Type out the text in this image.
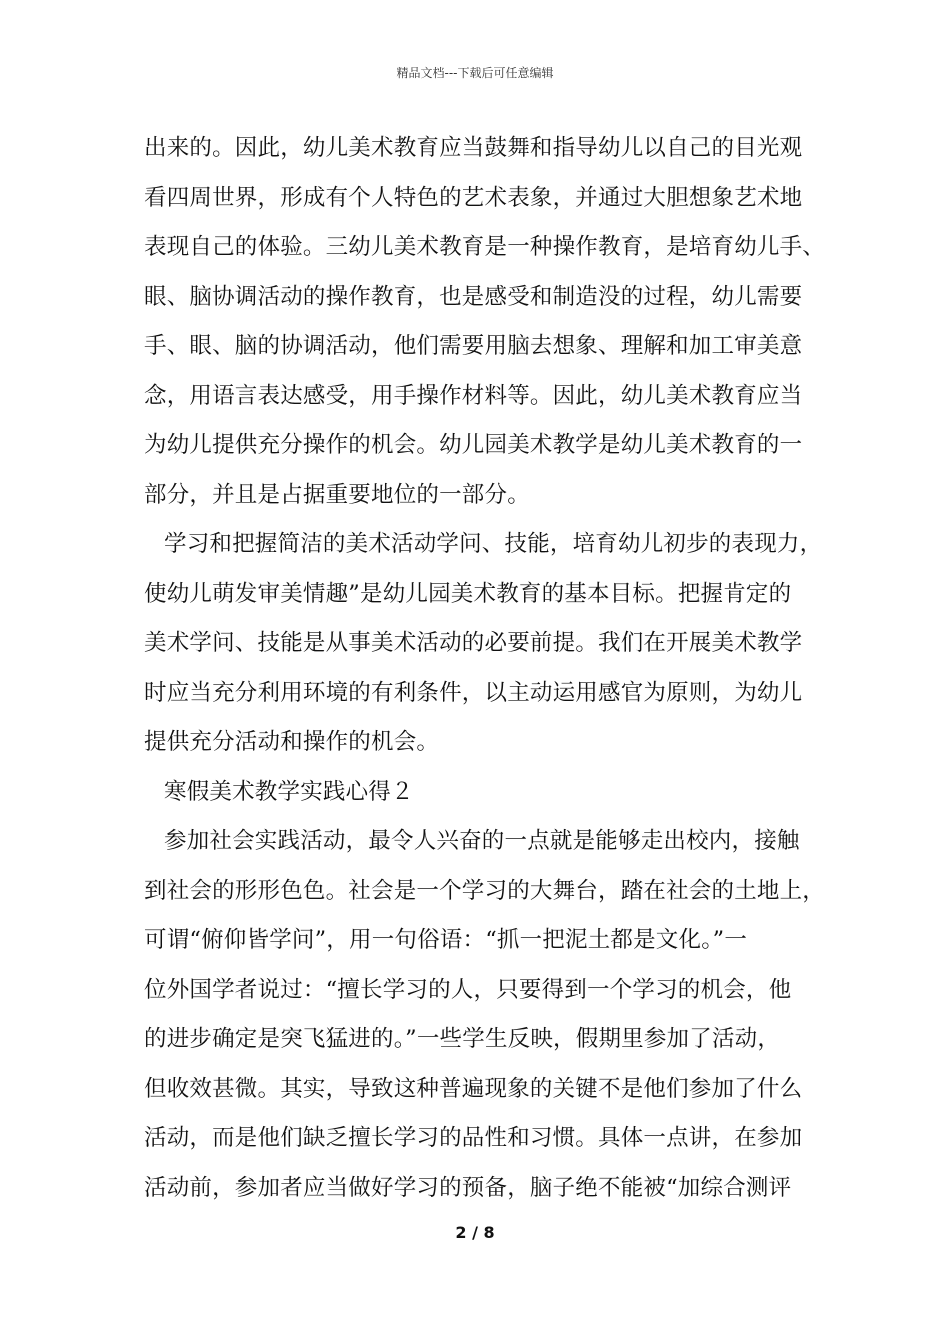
精品文档---下载后可任意编辑
出来的。因此，幼儿美术教育应当鼓舞和指导幼儿以自己的目光观
看四周世界，形成有个人特色的艺术表象，并通过大胆想象艺术地
表现自己的体验。三幼儿美术教育是一种操作教育，是培育幼儿手、
眼、脑协调活动的操作教育，也是感受和制造没的过程，幼儿需要
手、眼、脑的协调活动，他们需要用脑去想象、理解和加工审美意
念，用语言表达感受，用手操作材料等。因此，幼儿美术教育应当
为幼儿提供充分操作的机会。幼儿园美术教学是幼儿美术教育的一
部分，并且是占据重要地位的一部分。
学习和把握简洁的美术活动学问、技能，培育幼儿初步的表现力，
使幼儿萌发审美情趣”是幼儿园美术教育的基本目标。把握肯定的
美术学问、技能是从事美术活动的必要前提。我们在开展美术教学
时应当充分利用环境的有利条件，以主动运用感官为原则，为幼儿
提供充分活动和操作的机会。
寒假美术教学实践心得２
参加社会实践活动，最令人兴奋的一点就是能够走出校内，接触
到社会的形形色色。社会是一个学习的大舞台，踏在社会的土地上，
可谓“俯仰皆学问”，用一句俗语：“抓一把泥土都是文化。”一
位外国学者说过：“擅长学习的人，只要得到一个学习的机会，他
的进步确定是突飞猛进的。”一些学生反映，假期里参加了活动，
但收效甚微。其实，导致这种普遍现象的关键不是他们参加了什么
活动，而是他们缺乏擅长学习的品性和习惯。具体一点讲，在参加
活动前，参加者应当做好学习的预备，脑子绝不能被“加综合测评
2 / 8
